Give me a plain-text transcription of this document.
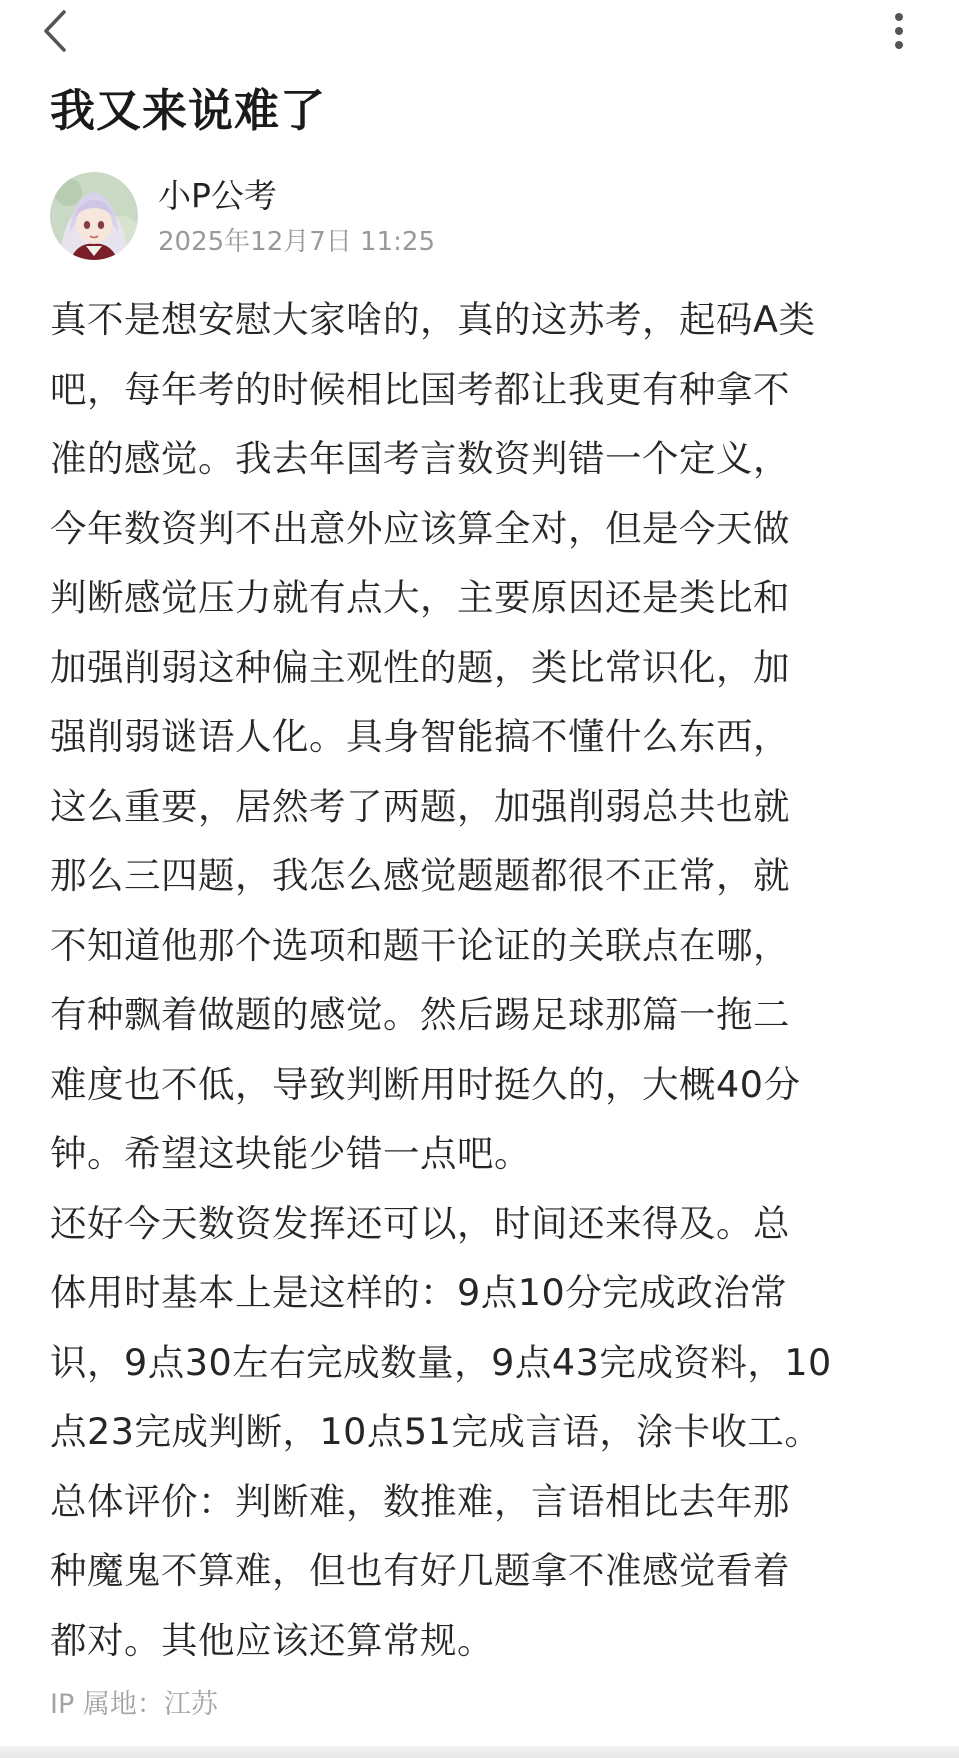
我又来说难了
小P公考
2025年12月7日 11:25

真不是想安慰大家啥的，真的这苏考，起码A类
吧，每年考的时候相比国考都让我更有种拿不
准的感觉。我去年国考言数资判错一个定义，
今年数资判不出意外应该算全对，但是今天做
判断感觉压力就有点大，主要原因还是类比和
加强削弱这种偏主观性的题，类比常识化，加
强削弱谜语人化。具身智能搞不懂什么东西，
这么重要，居然考了两题，加强削弱总共也就
那么三四题，我怎么感觉题题都很不正常，就
不知道他那个选项和题干论证的关联点在哪，
有种飘着做题的感觉。然后踢足球那篇一拖二
难度也不低，导致判断用时挺久的，大概40分
钟。希望这块能少错一点吧。
还好今天数资发挥还可以，时间还来得及。总
体用时基本上是这样的：9点10分完成政治常
识，9点30左右完成数量，9点43完成资料，10
点23完成判断，10点51完成言语，涂卡收工。
总体评价：判断难，数推难，言语相比去年那
种魔鬼不算难，但也有好几题拿不准感觉看着
都对。其他应该还算常规。

IP 属地：江苏
